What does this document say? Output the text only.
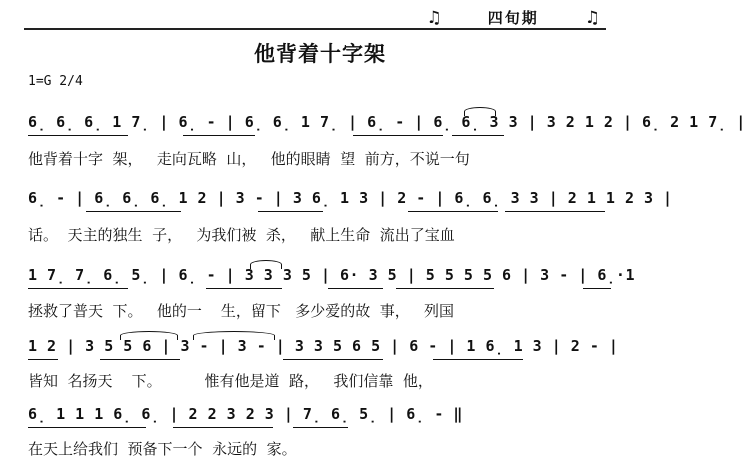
♫	四旬期	♫
他背着十字架
1=G 2/4
6̣ 6̣ 6̣ 1 7̣ | 6̣ - | 6̣ 6̣ 1 7̣ | 6̣ - | 6̣ 6̣ 3 3 | 3 2 1 2 | 6̣ 2 1 7̣ |
他背着十字  架，   走向瓦略  山，   他的眼睛  望  前方，不说一句
6̣ - | 6̣ 6̣ 6̣ 1 2 | 3 - | 3 6̣ 1 3 | 2 - | 6̣ 6̣ 3 3 | 2 1 1 2 3 |
话。  天主的独生  子，   为我们被  杀，   献上生命  流出了宝血
1 7̣ 7̣ 6̣ 5̣ | 6̣ - | 3 3 3 5 | 6· 3 5 | 5 5 5 5 6 | 3 - | 6̣·1
拯救了普天  下。   他的一    生，留下   多少爱的故  事，   列国
1 2 | 3 5 5 6 | 3 - | 3 - | 3 3 5 6 5 | 6 - | 1 6̣ 1 3 | 2 - |
皆知  名扬天    下。         惟有他是道  路，   我们信靠  他，
6̣ 1 1 1 6̣ 6̣ | 2 2 3 2 3 | 7̣ 6̣ 5̣ | 6̣ - ‖
在天上给我们  预备下一个  永远的  家。
